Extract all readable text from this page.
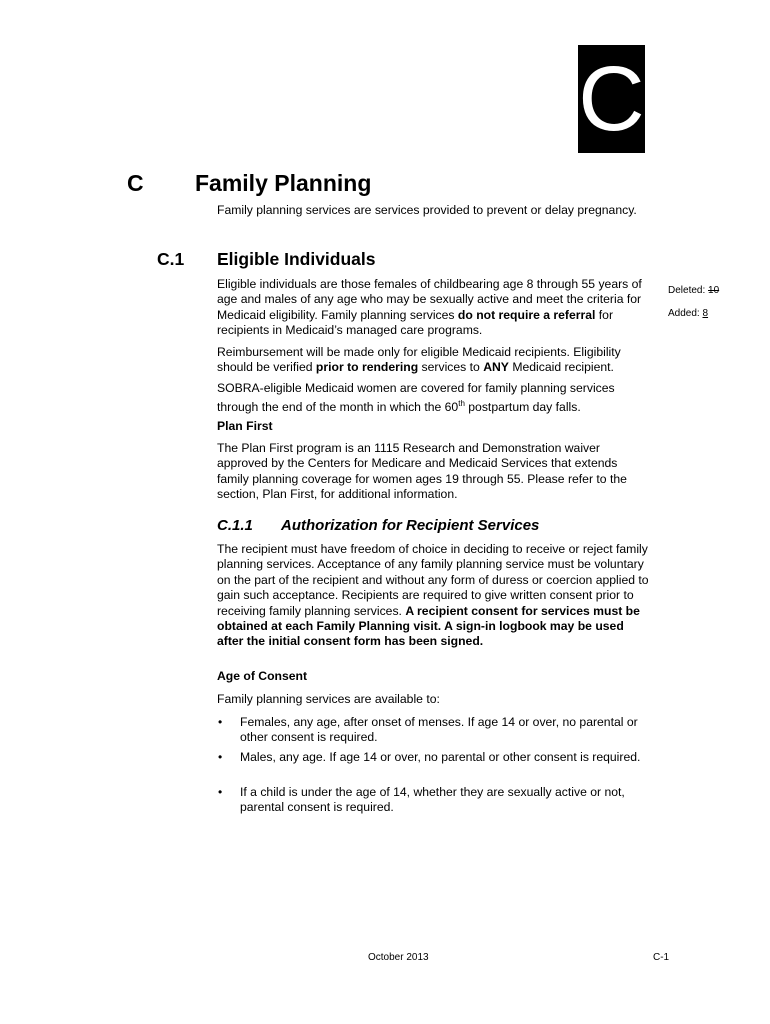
C
C Family Planning
Family planning services are services provided to prevent or delay pregnancy.
C.1 Eligible Individuals
Eligible individuals are those females of childbearing age 8 through 55 years of age and males of any age who may be sexually active and meet the criteria for Medicaid eligibility. Family planning services do not require a referral for recipients in Medicaid’s managed care programs.
Deleted: 10
Added: 8
Reimbursement will be made only for eligible Medicaid recipients. Eligibility should be verified prior to rendering services to ANY Medicaid recipient.
SOBRA-eligible Medicaid women are covered for family planning services through the end of the month in which the 60th postpartum day falls.
Plan First
The Plan First program is an 1115 Research and Demonstration waiver approved by the Centers for Medicare and Medicaid Services that extends family planning coverage for women ages 19 through 55. Please refer to the section, Plan First, for additional information.
C.1.1 Authorization for Recipient Services
The recipient must have freedom of choice in deciding to receive or reject family planning services. Acceptance of any family planning service must be voluntary on the part of the recipient and without any form of duress or coercion applied to gain such acceptance. Recipients are required to give written consent prior to receiving family planning services. A recipient consent for services must be obtained at each Family Planning visit. A sign-in logbook may be used after the initial consent form has been signed.
Age of Consent
Family planning services are available to:
• Females, any age, after onset of menses. If age 14 or over, no parental or other consent is required.
• Males, any age. If age 14 or over, no parental or other consent is required.
• If a child is under the age of 14, whether they are sexually active or not, parental consent is required.
October 2013	C-1
